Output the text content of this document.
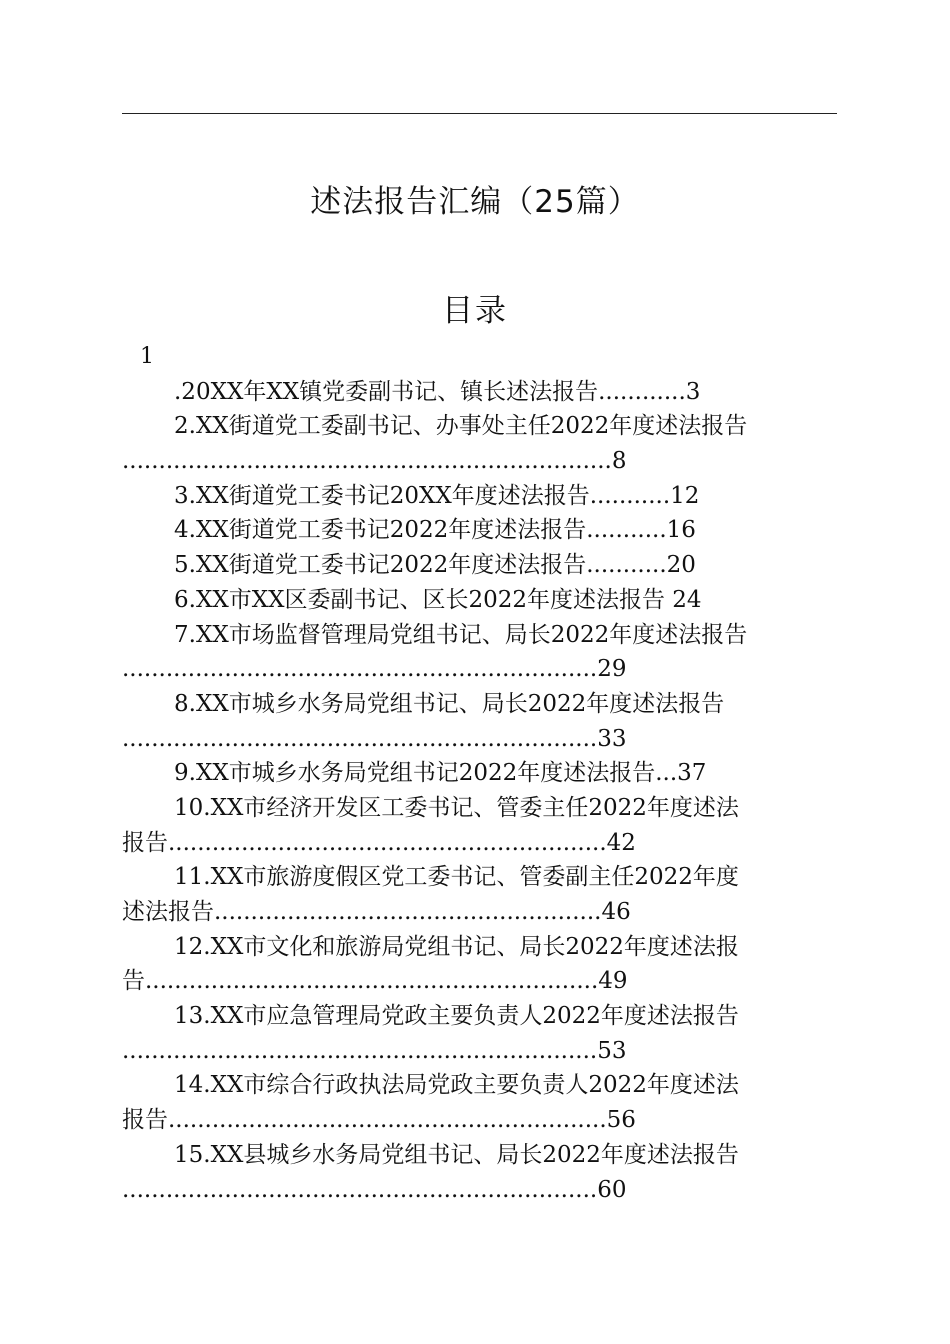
述法报告汇编（25篇）
目录
1
.20XX年XX镇党委副书记、镇长述法报告............3
2.XX街道党工委副书记、办事处主任2022年度述法报告
...................................................................8
3.XX街道党工委书记20XX年度述法报告...........12
4.XX街道党工委书记2022年度述法报告...........16
5.XX街道党工委书记2022年度述法报告...........20
6.XX市XX区委副书记、区长2022年度述法报告 24
7.XX市场监督管理局党组书记、局长2022年度述法报告
.................................................................29
8.XX市城乡水务局党组书记、局长2022年度述法报告
.................................................................33
9.XX市城乡水务局党组书记2022年度述法报告...37
10.XX市经济开发区工委书记、管委主任2022年度述法
报告............................................................42
11.XX市旅游度假区党工委书记、管委副主任2022年度
述法报告.....................................................46
12.XX市文化和旅游局党组书记、局长2022年度述法报
告..............................................................49
13.XX市应急管理局党政主要负责人2022年度述法报告
.................................................................53
14.XX市综合行政执法局党政主要负责人2022年度述法
报告............................................................56
15.XX县城乡水务局党组书记、局长2022年度述法报告
.................................................................60
